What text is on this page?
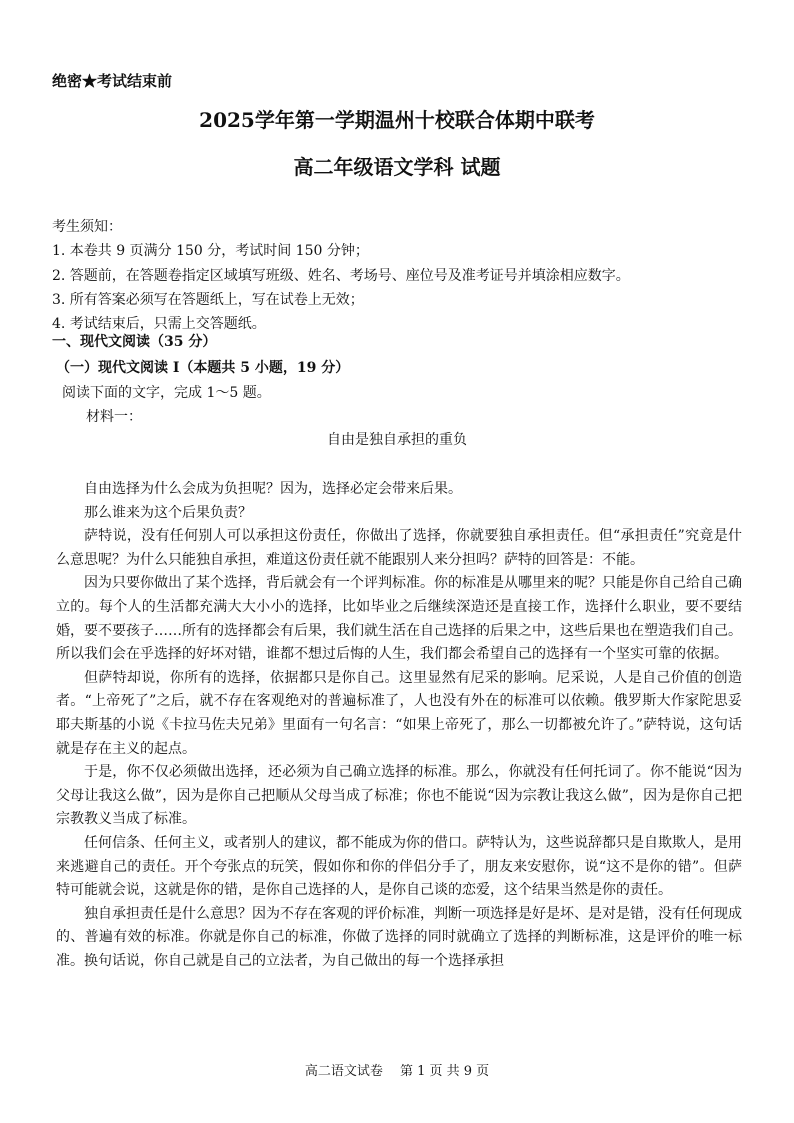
绝密★考试结束前
2025学年第一学期温州十校联合体期中联考
高二年级语文学科 试题
考生须知：
1. 本卷共 9 页满分 150 分，考试时间 150 分钟；
2. 答题前，在答题卷指定区域填写班级、姓名、考场号、座位号及准考证号并填涂相应数字。
3. 所有答案必须写在答题纸上，写在试卷上无效；
4. 考试结束后，只需上交答题纸。
一、现代文阅读（35 分）
（一）现代文阅读 I（本题共 5 小题，19 分）
阅读下面的文字，完成 1～5 题。
材料一：
自由是独自承担的重负

自由选择为什么会成为负担呢？因为，选择必定会带来后果。

那么谁来为这个后果负责？

萨特说，没有任何别人可以承担这份责任，你做出了选择，你就要独自承担责任。但“承担责任”究竟是什么意思呢？为什么只能独自承担，难道这份责任就不能跟别人来分担吗？萨特的回答是：不能。

因为只要你做出了某个选择，背后就会有一个评判标准。你的标准是从哪里来的呢？只能是你自己给自己确立的。每个人的生活都充满大大小小的选择，比如毕业之后继续深造还是直接工作，选择什么职业，要不要结婚，要不要孩子……所有的选择都会有后果，我们就生活在自己选择的后果之中，这些后果也在塑造我们自己。所以我们会在乎选择的好坏对错，谁都不想过后悔的人生，我们都会希望自己的选择有一个坚实可靠的依据。

但萨特却说，你所有的选择，依据都只是你自己。这里显然有尼采的影响。尼采说，人是自己价值的创造者。“上帝死了”之后，就不存在客观绝对的普遍标准了，人也没有外在的标准可以依赖。俄罗斯大作家陀思妥耶夫斯基的小说《卡拉马佐夫兄弟》里面有一句名言：“如果上帝死了，那么一切都被允许了。”萨特说，这句话就是存在主义的起点。

于是，你不仅必须做出选择，还必须为自己确立选择的标准。那么，你就没有任何托词了。你不能说“因为父母让我这么做”，因为是你自己把顺从父母当成了标准；你也不能说“因为宗教让我这么做”，因为是你自己把宗教教义当成了标准。

任何信条、任何主义，或者别人的建议，都不能成为你的借口。萨特认为，这些说辞都只是自欺欺人，是用来逃避自己的责任。开个夸张点的玩笑，假如你和你的伴侣分手了，朋友来安慰你，说“这不是你的错”。但萨特可能就会说，这就是你的错，是你自己选择的人，是你自己谈的恋爱，这个结果当然是你的责任。

独自承担责任是什么意思？因为不存在客观的评价标准，判断一项选择是好是坏、是对是错，没有任何现成的、普遍有效的标准。你就是你自己的标准，你做了选择的同时就确立了选择的判断标准，这是评价的唯一标准。换句话说，你自己就是自己的立法者，为自己做出的每一个选择承担

高二语文试卷　 第 1 页 共 9 页
